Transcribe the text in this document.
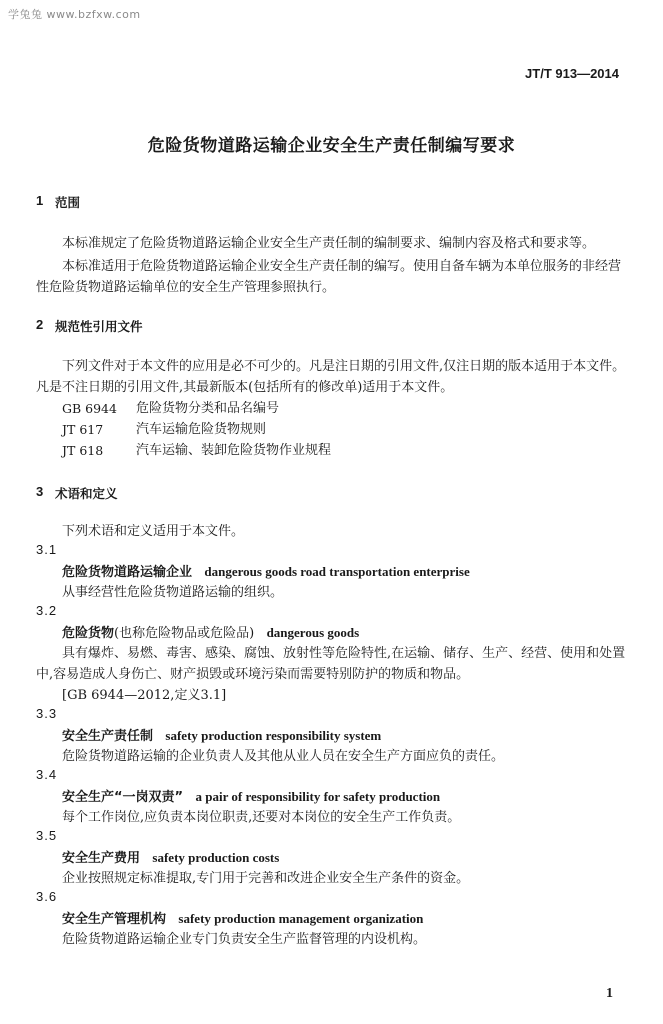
学兔兔 www.bzfxw.com
JT/T 913—2014
危险货物道路运输企业安全生产责任制编写要求
1 范围
本标准规定了危险货物道路运输企业安全生产责任制的编制要求、编制内容及格式和要求等。
本标准适用于危险货物道路运输企业安全生产责任制的编写。使用自备车辆为本单位服务的非经营性危险货物道路运输单位的安全生产管理参照执行。
2 规范性引用文件
下列文件对于本文件的应用是必不可少的。凡是注日期的引用文件,仅注日期的版本适用于本文件。凡是不注日期的引用文件,其最新版本(包括所有的修改单)适用于本文件。
GB 6944 危险货物分类和品名编号
JT 617	汽车运输危险货物规则
JT 618	汽车运输、装卸危险货物作业规程
3 术语和定义
下列术语和定义适用于本文件。
3.1
危险货物道路运输企业 dangerous goods road transportation enterprise
从事经营性危险货物道路运输的组织。
3.2
危险货物(也称危险物品或危险品) dangerous goods
具有爆炸、易燃、毒害、感染、腐蚀、放射性等危险特性,在运输、储存、生产、经营、使用和处置中,容易造成人身伤亡、财产损毁或环境污染而需要特别防护的物质和物品。
[GB 6944—2012,定义3.1]
3.3
安全生产责任制 safety production responsibility system
危险货物道路运输的企业负责人及其他从业人员在安全生产方面应负的责任。
3.4
安全生产“一岗双责” a pair of responsibility for safety production
每个工作岗位,应负责本岗位职责,还要对本岗位的安全生产工作负责。
3.5
安全生产费用 safety production costs
企业按照规定标准提取,专门用于完善和改进企业安全生产条件的资金。
3.6
安全生产管理机构 safety production management organization
危险货物道路运输企业专门负责安全生产监督管理的内设机构。
1
